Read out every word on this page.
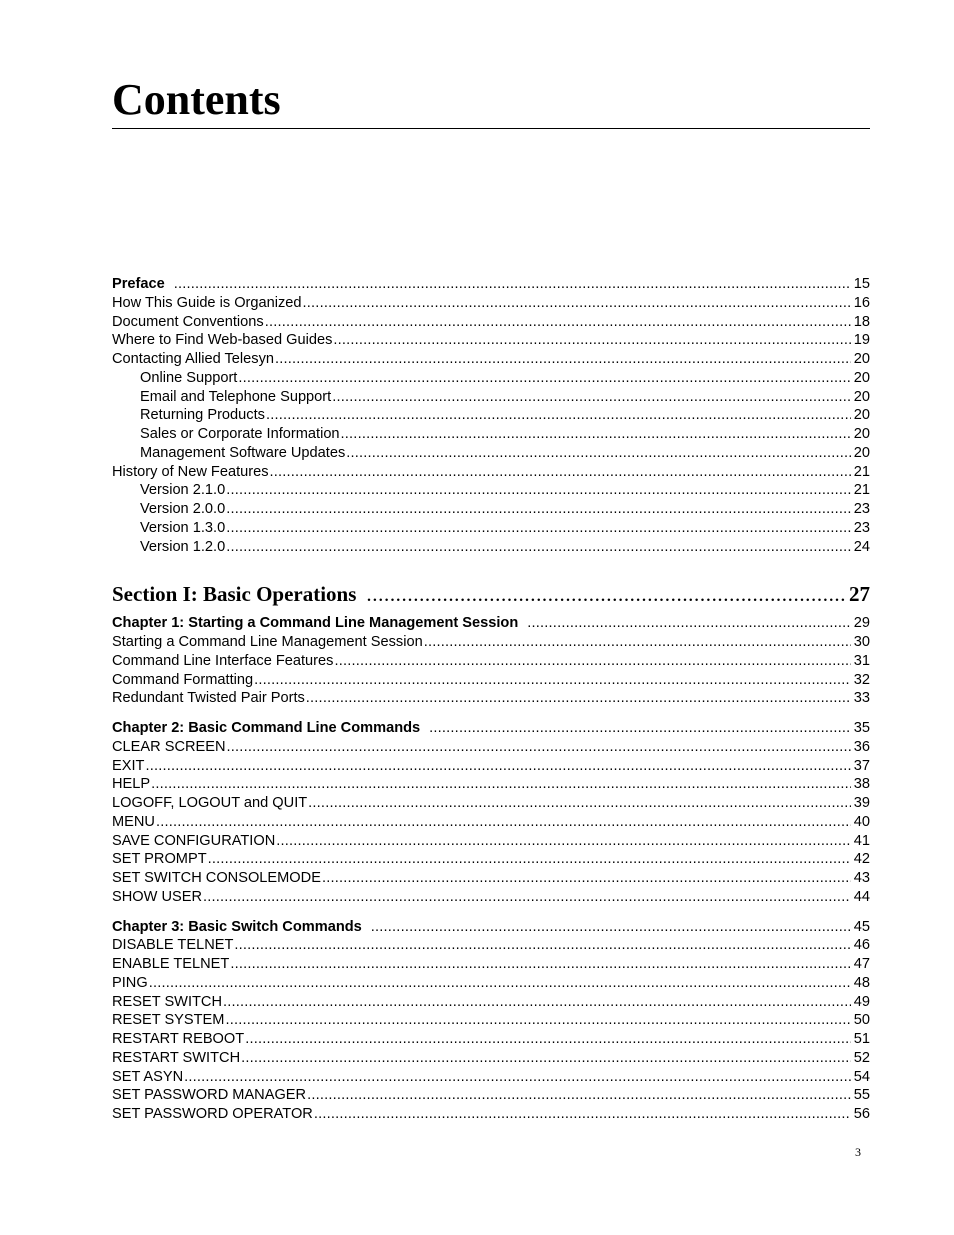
Contents
Preface .....	15
How This Guide is Organized .....	16
Document Conventions .....	18
Where to Find Web-based Guides .....	19
Contacting Allied Telesyn .....	20
Online Support .....	20
Email and Telephone Support .....	20
Returning Products .....	20
Sales or Corporate Information .....	20
Management Software Updates .....	20
History of New Features .....	21
Version 2.1.0 .....	21
Version 2.0.0 .....	23
Version 1.3.0 .....	23
Version 1.2.0 .....	24
Section I: Basic Operations .....	27
Chapter 1: Starting a Command Line Management Session .....	29
Starting a Command Line Management Session .....	30
Command Line Interface Features .....	31
Command Formatting .....	32
Redundant Twisted Pair Ports .....	33
Chapter 2: Basic Command Line Commands .....	35
CLEAR SCREEN .....	36
EXIT .....	37
HELP .....	38
LOGOFF, LOGOUT and QUIT .....	39
MENU .....	40
SAVE CONFIGURATION .....	41
SET PROMPT .....	42
SET SWITCH CONSOLEMODE .....	43
SHOW USER .....	44
Chapter 3: Basic Switch Commands .....	45
DISABLE TELNET .....	46
ENABLE TELNET .....	47
PING .....	48
RESET SWITCH .....	49
RESET SYSTEM .....	50
RESTART REBOOT .....	51
RESTART SWITCH .....	52
SET ASYN .....	54
SET PASSWORD MANAGER .....	55
SET PASSWORD OPERATOR .....	56
3
